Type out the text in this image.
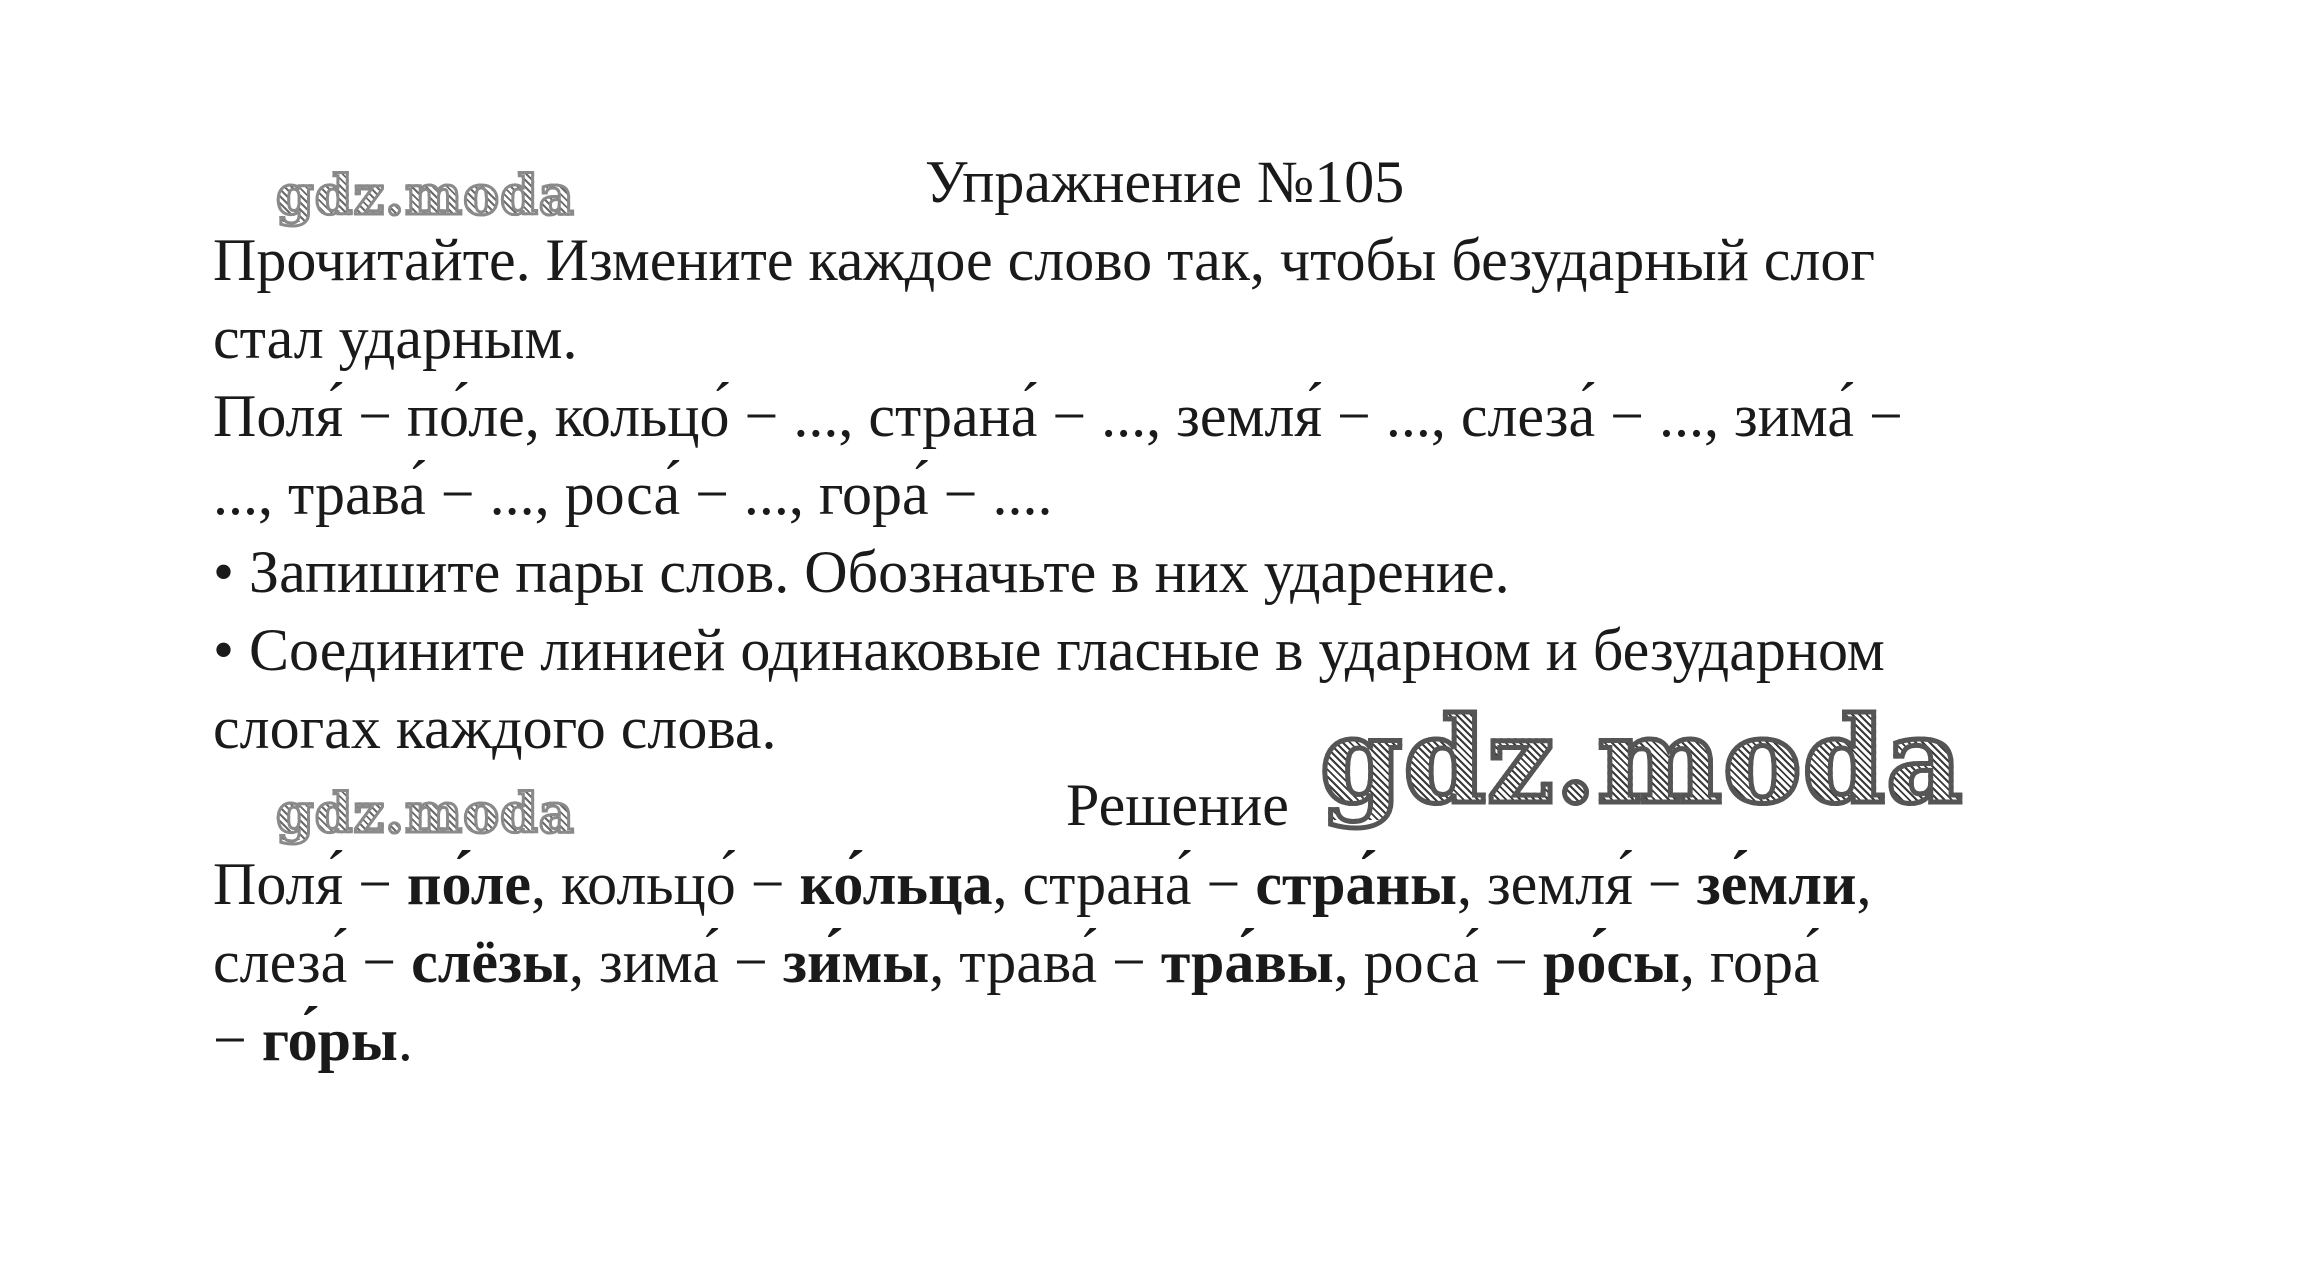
Упражнение №105
Прочитайте. Измените каждое слово так, чтобы безударный слог
стал ударным.
Поля́ − по́ле, кольцо́ − ..., страна́ − ..., земля́ − ..., слеза́ − ..., зима́ −
..., трава́ − ..., роса́ − ..., гора́ − ....
• Запишите пары слов. Обозначьте в них ударение.
• Соедините линией одинаковые гласные в ударном и безударном
слогах каждого слова.
Решение
Поля́ − по́ле, кольцо́ − ко́льца, страна́ − стра́ны, земля́ − зе́мли,
слеза́ − слёзы, зима́ − зи́мы, трава́ − тра́вы, роса́ − ро́сы, гора́
− го́ры.
gdz.moda
gdz.moda
gdz.moda
